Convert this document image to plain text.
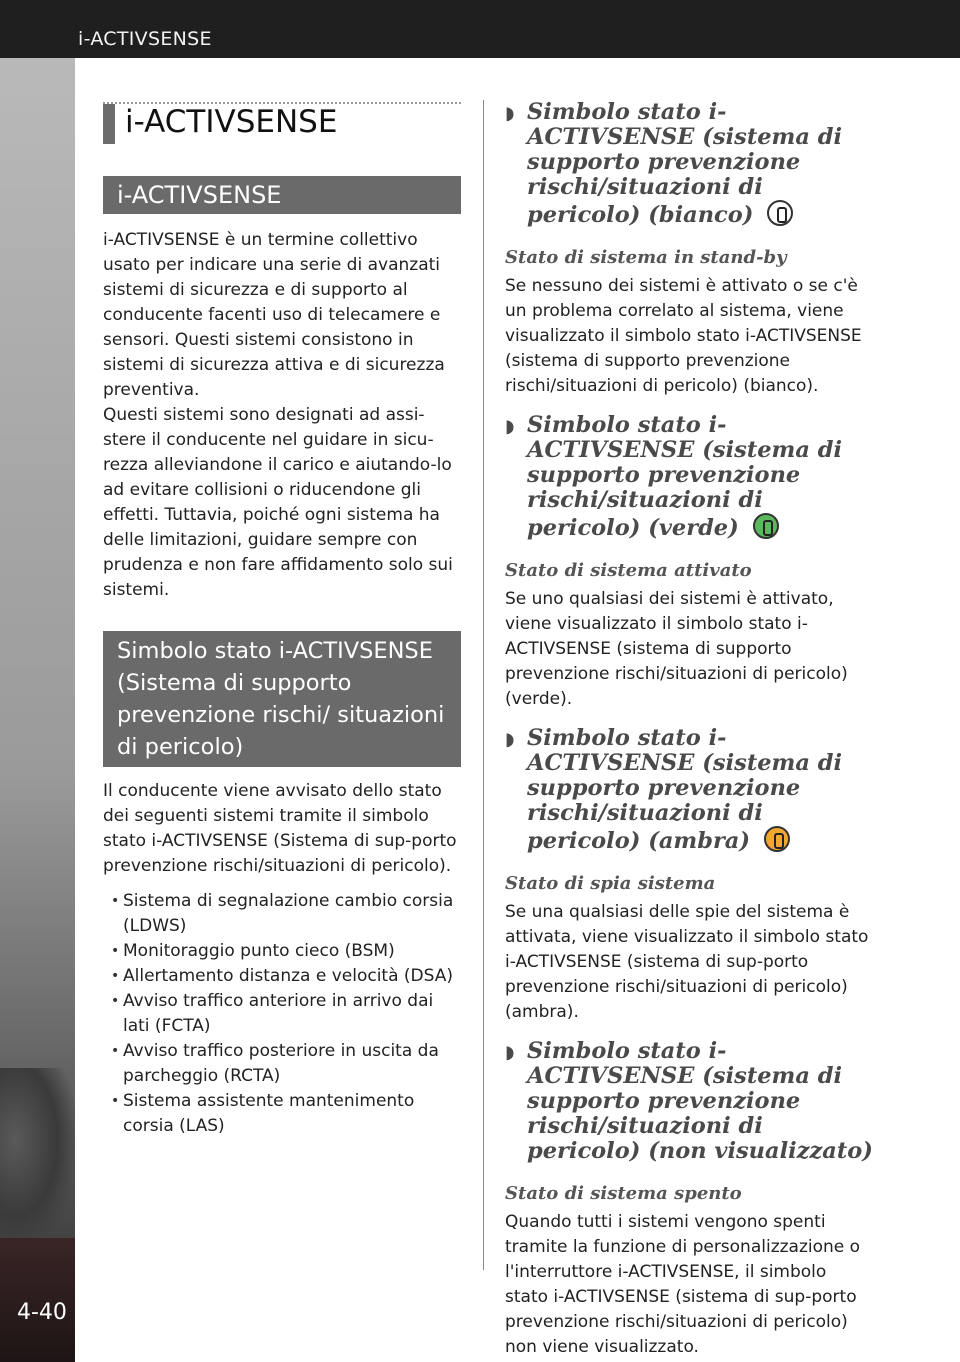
i-ACTIVSENSE
4-40
i-ACTIVSENSE
i-ACTIVSENSE

i-ACTIVSENSE è un termine collettivo usato per indicare una serie di avanzati sistemi di sicurezza e di supporto al conducente facenti uso di telecamere e sensori. Questi sistemi consistono in sistemi di sicurezza attiva e di sicurezza preventiva.

Questi sistemi sono designati ad assi-stere il conducente nel guidare in sicu-rezza alleviandone il carico e aiutando-lo ad evitare collisioni o riducendone gli effetti. Tuttavia, poiché ogni sistema ha delle limitazioni, guidare sempre con prudenza e non fare affidamento solo sui sistemi.

Simbolo stato i-ACTIVSENSE (Sistema di supporto prevenzione rischi/ situazioni di pericolo)

Il conducente viene avvisato dello stato dei seguenti sistemi tramite il simbolo stato i-ACTIVSENSE (Sistema di sup-porto prevenzione rischi/situazioni di pericolo).

• Sistema di segnalazione cambio corsia (LDWS)
• Monitoraggio punto cieco (BSM)
• Allertamento distanza e velocità (DSA)
• Avviso traffico anteriore in arrivo dai lati (FCTA)
• Avviso traffico posteriore in uscita da parcheggio (RCTA)
• Sistema assistente mantenimento corsia (LAS)
◗ Simbolo stato i-ACTIVSENSE (sistema di supporto prevenzione rischi/situazioni di pericolo) (bianco)
Stato di sistema in stand-by

Se nessuno dei sistemi è attivato o se c'è un problema correlato al sistema, viene visualizzato il simbolo stato i-ACTIVSENSE (sistema di supporto prevenzione rischi/situazioni di pericolo) (bianco).

◗ Simbolo stato i-ACTIVSENSE (sistema di supporto prevenzione rischi/situazioni di pericolo) (verde)
Stato di sistema attivato

Se uno qualsiasi dei sistemi è attivato, viene visualizzato il simbolo stato i-ACTIVSENSE (sistema di supporto prevenzione rischi/situazioni di pericolo) (verde).

◗ Simbolo stato i-ACTIVSENSE (sistema di supporto prevenzione rischi/situazioni di pericolo) (ambra)
Stato di spia sistema

Se una qualsiasi delle spie del sistema è attivata, viene visualizzato il simbolo stato i-ACTIVSENSE (sistema di sup-porto prevenzione rischi/situazioni di pericolo) (ambra).

◗ Simbolo stato i-ACTIVSENSE (sistema di supporto prevenzione rischi/situazioni di pericolo) (non visualizzato)
Stato di sistema spento

Quando tutti i sistemi vengono spenti tramite la funzione di personalizzazione o l'interruttore i-ACTIVSENSE, il simbolo stato i-ACTIVSENSE (sistema di sup-porto prevenzione rischi/situazioni di pericolo) non viene visualizzato.
